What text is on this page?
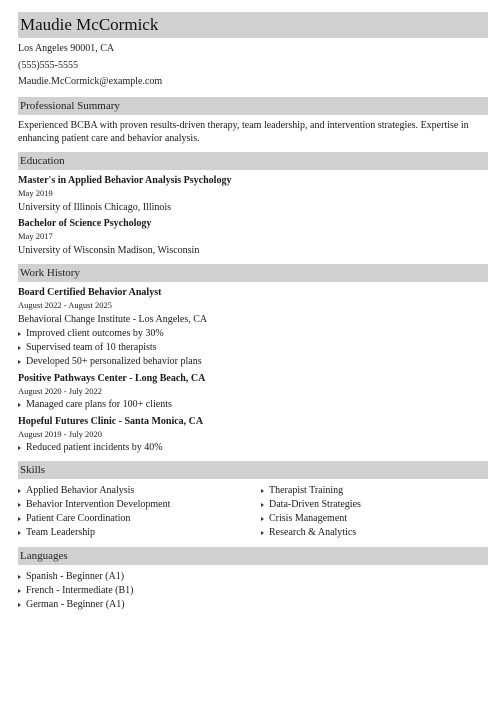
Maudie McCormick
Los Angeles 90001, CA
(555)555-5555
Maudie.McCormick@example.com
Professional Summary
Experienced BCBA with proven results-driven therapy, team leadership, and intervention strategies. Expertise in enhancing patient care and behavior analysis.
Education
Master's in Applied Behavior Analysis Psychology
May 2019
University of Illinois Chicago, Illinois
Bachelor of Science Psychology
May 2017
University of Wisconsin Madison, Wisconsin
Work History
Board Certified Behavior Analyst
August 2022 - August 2025
Behavioral Change Institute - Los Angeles, CA
Improved client outcomes by 30%
Supervised team of 10 therapists
Developed 50+ personalized behavior plans
Positive Pathways Center - Long Beach, CA
August 2020 - July 2022
Managed care plans for 100+ clients
Hopeful Futures Clinic - Santa Monica, CA
August 2019 - July 2020
Reduced patient incidents by 40%
Skills
Applied Behavior Analysis
Behavior Intervention Development
Patient Care Coordination
Team Leadership
Therapist Training
Data-Driven Strategies
Crisis Management
Research & Analytics
Languages
Spanish - Beginner (A1)
French - Intermediate (B1)
German - Beginner (A1)
